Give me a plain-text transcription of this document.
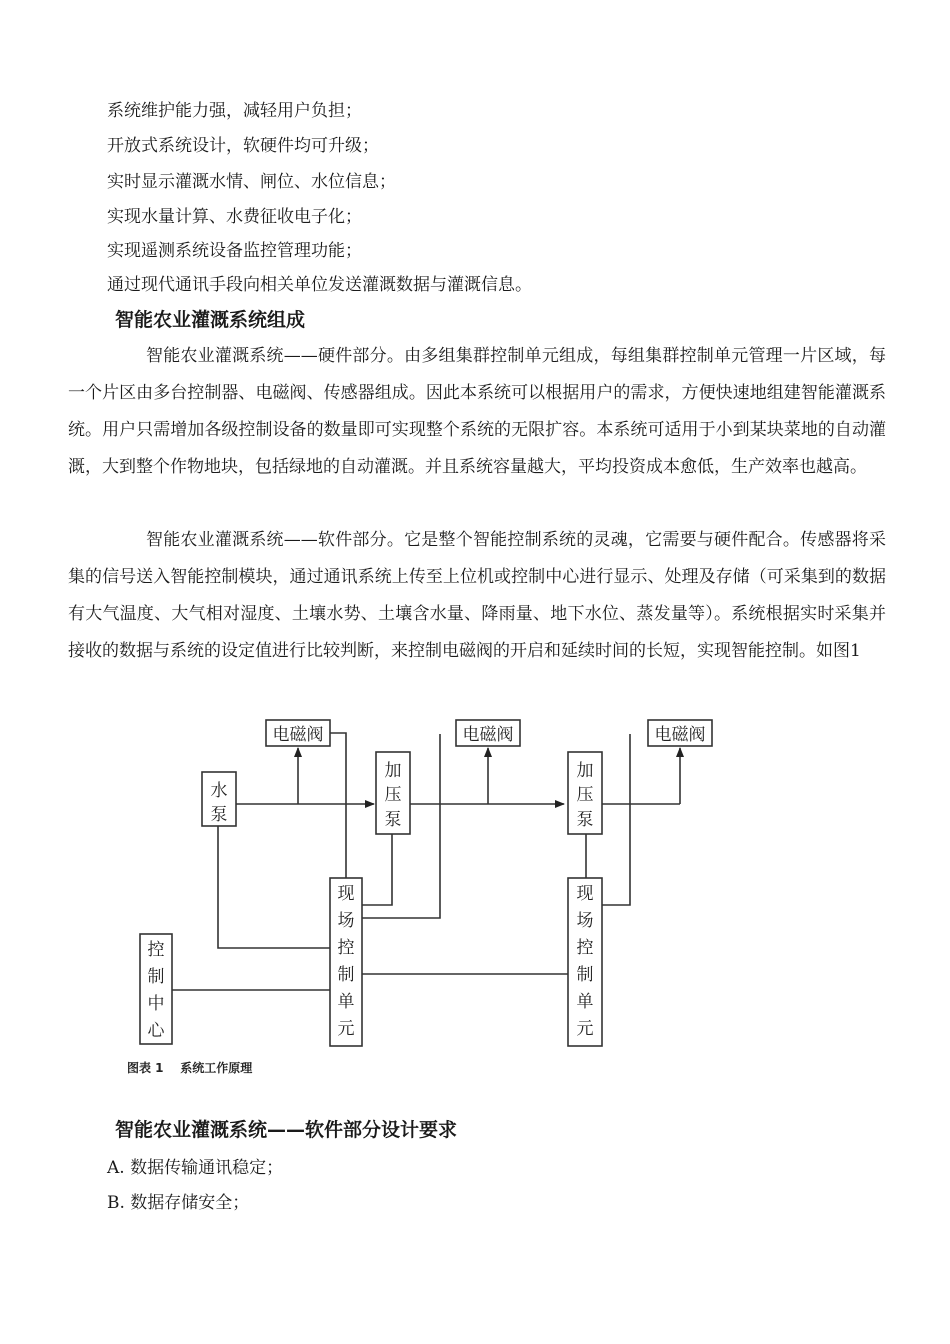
系统维护能力强，减轻用户负担；
开放式系统设计，软硬件均可升级；
实时显示灌溉水情、闸位、水位信息；
实现水量计算、水费征收电子化；
实现遥测系统设备监控管理功能；
通过现代通讯手段向相关单位发送灌溉数据与灌溉信息。
智能农业灌溉系统组成

智能农业灌溉系统——硬件部分。由多组集群控制单元组成，每组集群控制单元管理一片区域，每一个片区由多台控制器、电磁阀、传感器组成。因此本系统可以根据用户的需求，方便快速地组建智能灌溉系统。用户只需增加各级控制设备的数量即可实现整个系统的无限扩容。本系统可适用于小到某块菜地的自动灌溉，大到整个作物地块，包括绿地的自动灌溉。并且系统容量越大，平均投资成本愈低，生产效率也越高。

智能农业灌溉系统——软件部分。它是整个智能控制系统的灵魂，它需要与硬件配合。传感器将采集的信号送入智能控制模块，通过通讯系统上传至上位机或控制中心进行显示、处理及存储（可采集到的数据有大气温度、大气相对湿度、土壤水势、土壤含水量、降雨量、地下水位、蒸发量等）。系统根据实时采集并接收的数据与系统的设定值进行比较判断，来控制电磁阀的开启和延续时间的长短，实现智能控制。如图1

电磁阀	电磁阀	电磁阀
水
泵
加
压
泵
加
压
泵
现
场
控
制
单
元
现
场
控
制
单
元
控
制
中
心
图表 1    系统工作原理
智能农业灌溉系统——软件部分设计要求
A. 数据传输通讯稳定；
B. 数据存储安全；
